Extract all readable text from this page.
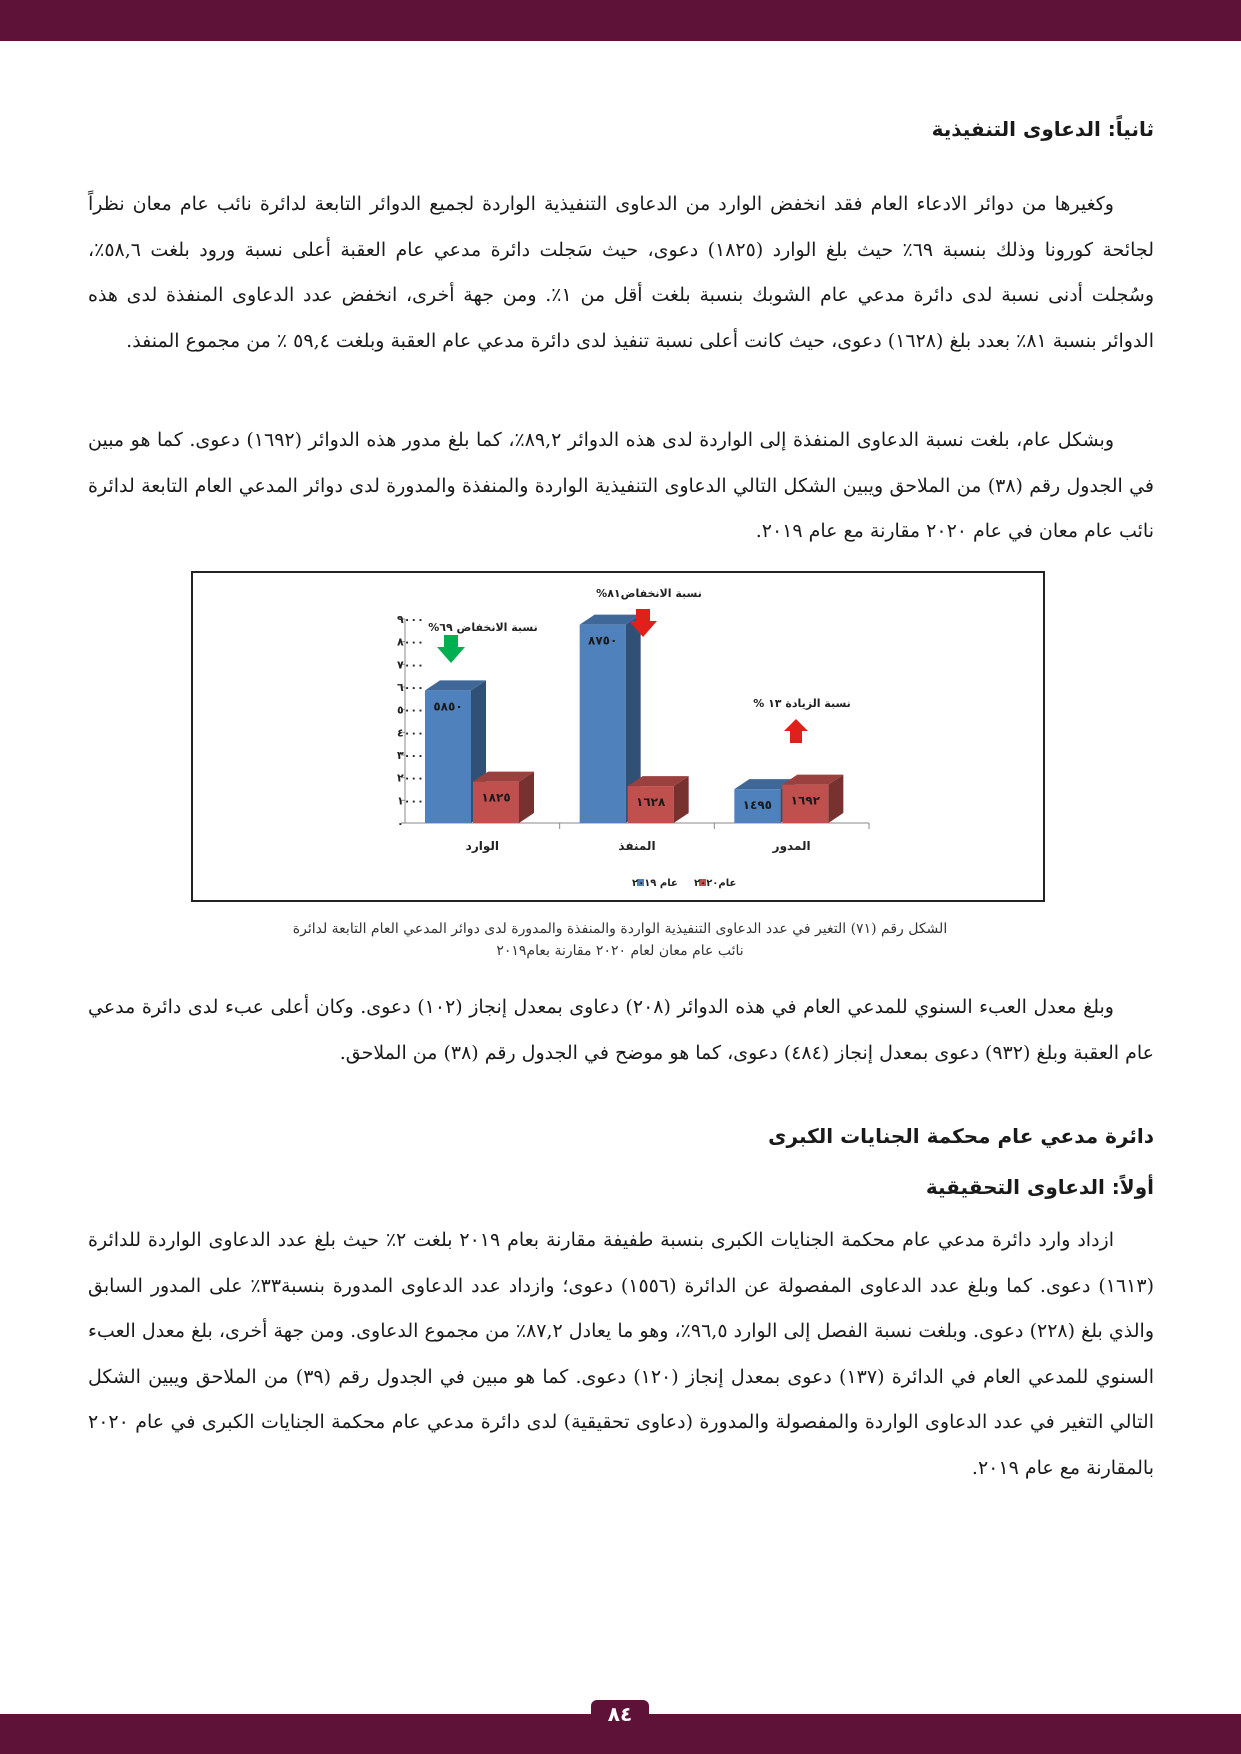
ثانياً: الدعاوى التنفيذية

وكغيرها من دوائر الادعاء العام فقد انخفض الوارد من الدعاوى التنفيذية الواردة لجميع الدوائر التابعة لدائرة نائب عام معان نظراً لجائحة كورونا وذلك بنسبة ٦٩٪ حيث بلغ الوارد (١٨٢٥) دعوى، حيث سَجلت دائرة مدعي عام العقبة أعلى نسبة ورود بلغت ٥٨,٦٪، وسُجلت أدنى نسبة لدى دائرة مدعي عام الشوبك بنسبة بلغت أقل من ١٪. ومن جهة أخرى، انخفض عدد الدعاوى المنفذة لدى هذه الدوائر بنسبة ٨١٪ بعدد بلغ (١٦٢٨) دعوى، حيث كانت أعلى نسبة تنفيذ لدى دائرة مدعي عام العقبة وبلغت ٥٩,٤ ٪ من مجموع المنفذ.

وبشكل عام، بلغت نسبة الدعاوى المنفذة إلى الواردة لدى هذه الدوائر ٨٩,٢٪، كما بلغ مدور هذه الدوائر (١٦٩٢) دعوى. كما هو مبين في الجدول رقم (٣٨) من الملاحق ويبين الشكل التالي الدعاوى التنفيذية الواردة والمنفذة والمدورة لدى دوائر المدعي العام التابعة لدائرة نائب عام معان في عام ٢٠٢٠ مقارنة مع عام ٢٠١٩.

٠
١٠٠٠
٢٠٠٠
٣٠٠٠
٤٠٠٠
٥٠٠٠
٦٠٠٠
٧٠٠٠
٨٠٠٠
٩٠٠٠
الوارد	المنفذ	المدور
٥٨٥٠
١٨٢٥
٨٧٥٠
١٦٢٨	١٤٩٥ ١٦٩٢
نسبة الانخفاض ٦٩%
نسبة الانخفاض٨١%
نسبة الزيادة ١٣ %
عام٢٠٢٠
عام ٢٠١٩
الشكل رقم (٧١) التغير في عدد الدعاوى التنفيذية الواردة والمنفذة والمدورة لدى دوائر المدعي العام التابعة لدائرة
نائب عام معان لعام ٢٠٢٠ مقارنة بعام٢٠١٩

وبلغ معدل العبء السنوي للمدعي العام في هذه الدوائر (٢٠٨) دعاوى بمعدل إنجاز (١٠٢) دعوى. وكان أعلى عبء لدى دائرة مدعي عام العقبة وبلغ (٩٣٢) دعوى بمعدل إنجاز (٤٨٤) دعوى، كما هو موضح في الجدول رقم (٣٨) من الملاحق.

دائرة مدعي عام محكمة الجنايات الكبرى
أولاً: الدعاوى التحقيقية

ازداد وارد دائرة مدعي عام محكمة الجنايات الكبرى بنسبة طفيفة مقارنة بعام ٢٠١٩ بلغت ٢٪ حيث بلغ عدد الدعاوى الواردة للدائرة (١٦١٣) دعوى. كما وبلغ عدد الدعاوى المفصولة عن الدائرة (١٥٥٦) دعوى؛ وازداد عدد الدعاوى المدورة بنسبة٣٣٪ على المدور السابق والذي بلغ (٢٢٨) دعوى. وبلغت نسبة الفصل إلى الوارد ٩٦,٥٪، وهو ما يعادل ٨٧,٢٪ من مجموع الدعاوى. ومن جهة أخرى، بلغ معدل العبء السنوي للمدعي العام في الدائرة (١٣٧) دعوى بمعدل إنجاز (١٢٠) دعوى. كما هو مبين في الجدول رقم (٣٩) من الملاحق ويبين الشكل التالي التغير في عدد الدعاوى الواردة والمفصولة والمدورة (دعاوى تحقيقية) لدى دائرة مدعي عام محكمة الجنايات الكبرى في عام ٢٠٢٠ بالمقارنة مع عام ٢٠١٩.

٨٤
